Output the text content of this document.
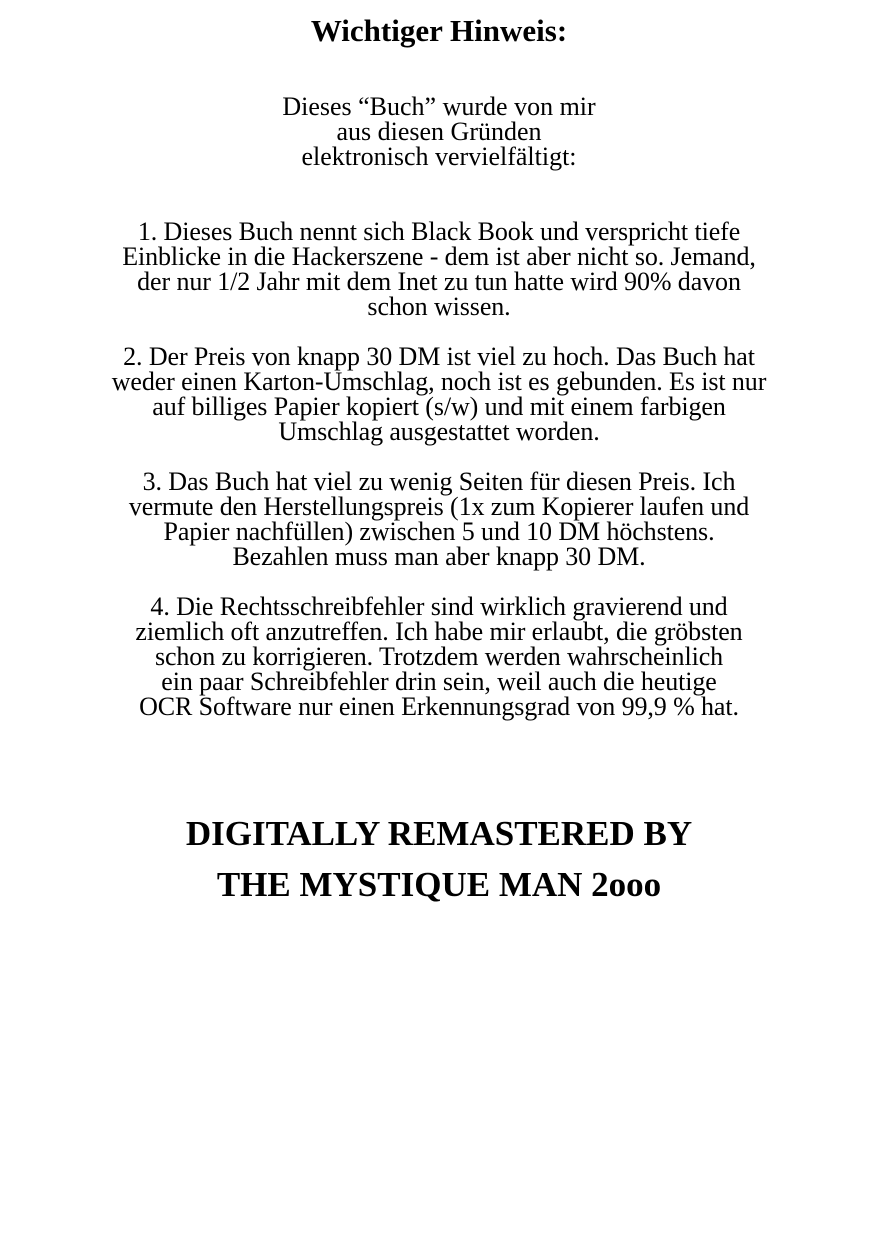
Wichtiger Hinweis:
Dieses “Buch” wurde von mir
aus diesen Gründen
elektronisch vervielfältigt:
1. Dieses Buch nennt sich Black Book und verspricht tiefe
Einblicke in die Hackerszene - dem ist aber nicht so. Jemand,
der nur 1/2 Jahr mit dem Inet zu tun hatte wird 90% davon
schon wissen.
2. Der Preis von knapp 30 DM ist viel zu hoch. Das Buch hat
weder einen Karton-Umschlag, noch ist es gebunden. Es ist nur
auf billiges Papier kopiert (s/w) und mit einem farbigen
Umschlag ausgestattet worden.
3. Das Buch hat viel zu wenig Seiten für diesen Preis. Ich
vermute den Herstellungspreis (1x zum Kopierer laufen und
Papier nachfüllen) zwischen 5 und 10 DM höchstens.
Bezahlen muss man aber knapp 30 DM.
4. Die Rechtsschreibfehler sind wirklich gravierend und
ziemlich oft anzutreffen. Ich habe mir erlaubt, die gröbsten
schon zu korrigieren. Trotzdem werden wahrscheinlich
ein paar Schreibfehler drin sein, weil auch die heutige
OCR Software nur einen Erkennungsgrad von 99,9 % hat.
DIGITALLY REMASTERED BY
THE MYSTIQUE MAN 2ooo
